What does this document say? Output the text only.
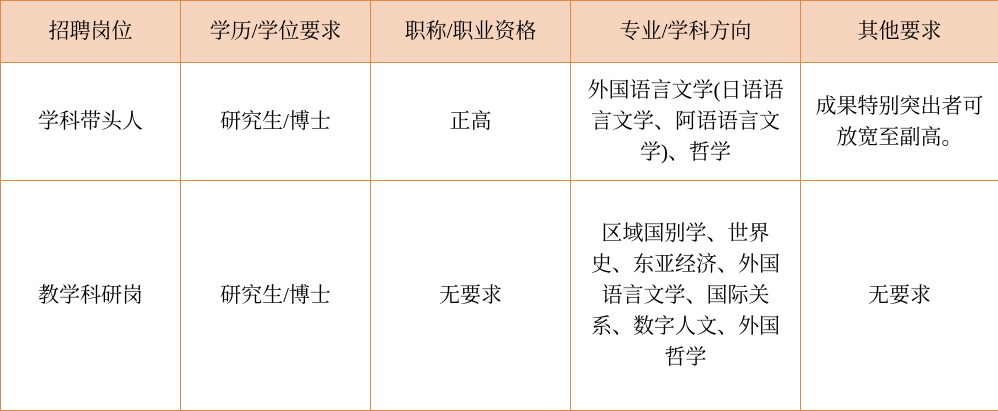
招聘岗位	学历/学位要求	职称/职业资格	专业/学科方向	其他要求
学科带头人	研究生/博士	正高	外国语言文学(日语语言文学、阿语语言文学)、哲学	成果特别突出者可放宽至副高。
教学科研岗	研究生/博士	无要求	区域国别学、世界史、东亚经济、外国语言文学、国际关系、数字人文、外国哲学	无要求
